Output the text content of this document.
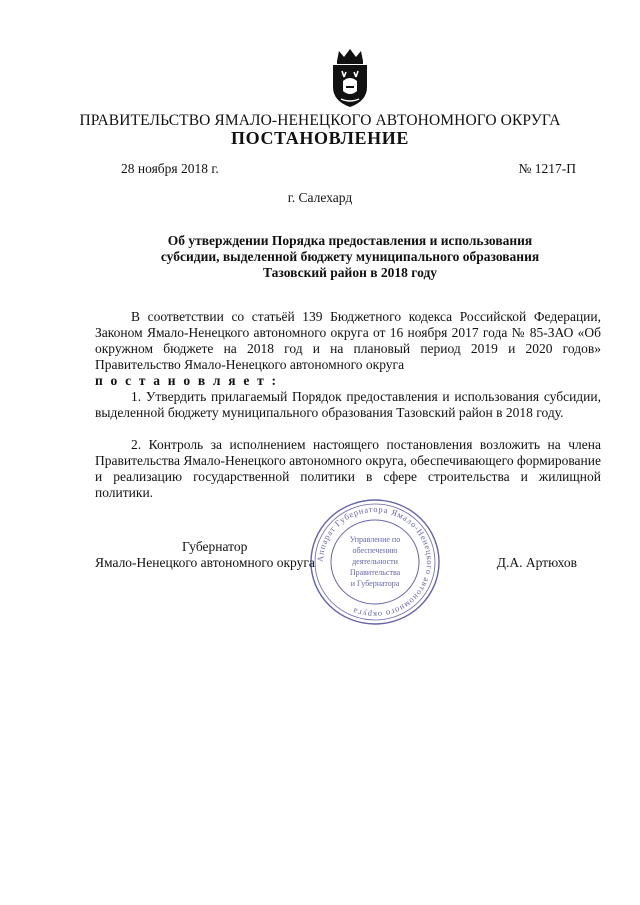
ПРАВИТЕЛЬСТВО ЯМАЛО-НЕНЕЦКОГО АВТОНОМНОГО ОКРУГА
ПОСТАНОВЛЕНИЕ
28 ноября 2018 г.	№ 1217-П
г. Салехард
Об утверждении Порядка предоставления и использования
субсидии, выделенной бюджету муниципального образования
Тазовский район в 2018 году

В соответствии со статьёй 139 Бюджетного кодекса Российской Федерации, Законом Ямало-Ненецкого автономного округа от 16 ноября 2017 года № 85-ЗАО «Об окружном бюджете на 2018 год и на плановый период 2019 и 2020 годов» Правительство Ямало-Ненецкого автономного округа

п о с т а н о в л я е т :

1. Утвердить прилагаемый Порядок предоставления и использования субсидии, выделенной бюджету муниципального образования Тазовский район в 2018 году.

2. Контроль за исполнением настоящего постановления возложить на члена Правительства Ямало-Ненецкого автономного округа, обеспечивающего формирование и реализацию государственной политики в сфере строительства и жилищной политики.

Губернатор
Ямало-Ненецкого автономного округа	Д.А. Артюхов
Аппарат Губернатора Ямало-Ненецкого автономного округа
Управление по
обеспечению
деятельности
Правительства
и Губернатора
